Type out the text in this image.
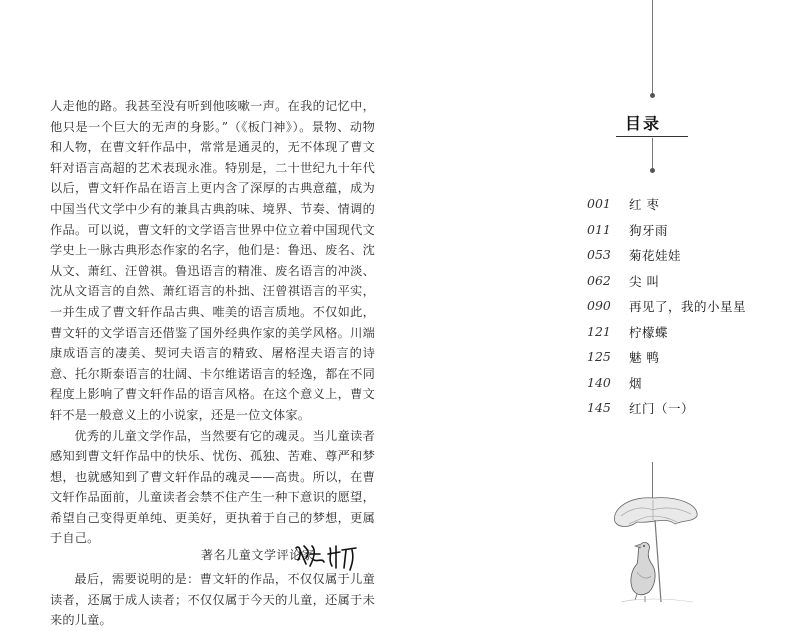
人走他的路。我甚至没有听到他咳嗽一声。在我的记忆中，他只是一个巨大的无声的身影。”（《板门神》）。景物、动物和人物，在曹文轩作品中，常常是通灵的，无不体现了曹文轩对语言高超的艺术表现永准。特别是，二十世纪九十年代以后，曹文轩作品在语言上更内含了深厚的古典意蕴，成为中国当代文学中少有的兼具古典韵味、境界、节奏、情调的作品。可以说，曹文轩的文学语言世界中位立着中国现代文学史上一脉古典形态作家的名字，他们是：鲁迅、废名、沈从文、萧红、汪曾祺。鲁迅语言的精准、废名语言的冲淡、沈从文语言的自然、萧红语言的朴拙、汪曾祺语言的平实，一并生成了曹文轩作品古典、唯美的语言质地。不仅如此，曹文轩的文学语言还借鉴了国外经典作家的美学风格。川端康成语言的凄美、契诃夫语言的精致、屠格涅夫语言的诗意、托尔斯泰语言的壮阔、卡尔维诺语言的轻逸，都在不同程度上影响了曹文轩作品的语言风格。在这个意义上，曹文轩不是一般意义上的小说家，还是一位文体家。

优秀的儿童文学作品，当然要有它的魂灵。当儿童读者感知到曹文轩作品中的快乐、忧伤、孤独、苦难、尊严和梦想，也就感知到了曹文轩作品的魂灵——高贵。所以，在曹文轩作品面前，儿童读者会禁不住产生一种下意识的愿望，希望自己变得更单纯、更美好，更执着于自己的梦想，更属于自己。

最后，需要说明的是：曹文轩的作品，不仅仅属于儿童读者，还属于成人读者；不仅仅属于今天的儿童，还属于未来的儿童。

著名儿童文学评论家
目录
001 红 枣
011 狗牙雨
053 菊花娃娃
062 尖 叫
090 再见了，我的小星星
121 柠檬蝶
125 魅 鸭
140 烟
145 红门（一）
